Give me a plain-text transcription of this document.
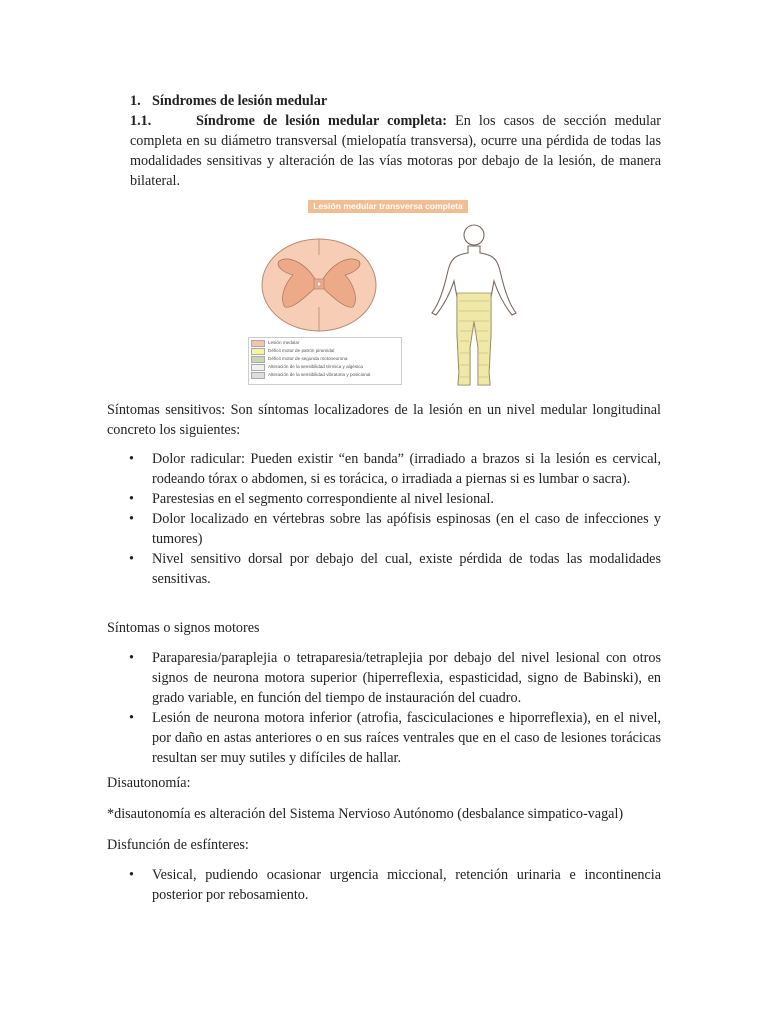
1. Síndromes de lesión medular

1.1.	Síndrome de lesión medular completa: En los casos de sección medular completa en su diámetro transversal (mielopatía transversa), ocurre una pérdida de todas las modalidades sensitivas y alteración de las vías motoras por debajo de la lesión, de manera bilateral.

Lesión medular transversa completa
Lesión medular
Déficit motor de patrón piramidal
Déficit motor de segunda motoneurona
Alteración de la sensibilidad térmica y algésica
Alteración de la sensibilidad vibratoria y posicional

Síntomas sensitivos: Son síntomas localizadores de la lesión en un nivel medular longitudinal concreto los siguientes:

• Dolor radicular: Pueden existir “en banda” (irradiado a brazos si la lesión es cervical, rodeando tórax o abdomen, si es torácica, o irradiada a piernas si es lumbar o sacra).
• Parestesias en el segmento correspondiente al nivel lesional.
• Dolor localizado en vértebras sobre las apófisis espinosas (en el caso de infecciones y tumores)
• Nivel sensitivo dorsal por debajo del cual, existe pérdida de todas las modalidades sensitivas.

Síntomas o signos motores

• Paraparesia/paraplejia o tetraparesia/tetraplejia por debajo del nivel lesional con otros signos de neurona motora superior (hiperreflexia, espasticidad, signo de Babinski), en grado variable, en función del tiempo de instauración del cuadro.
• Lesión de neurona motora inferior (atrofia, fasciculaciones e hiporreflexia), en el nivel, por daño en astas anteriores o en sus raíces ventrales que en el caso de lesiones torácicas resultan ser muy sutiles y difíciles de hallar.

Disautonomía:

*disautonomía es alteración del Sistema Nervioso Autónomo (desbalance simpatico-vagal)

Disfunción de esfínteres:

• Vesical, pudiendo ocasionar urgencia miccional, retención urinaria e incontinencia posterior por rebosamiento.
